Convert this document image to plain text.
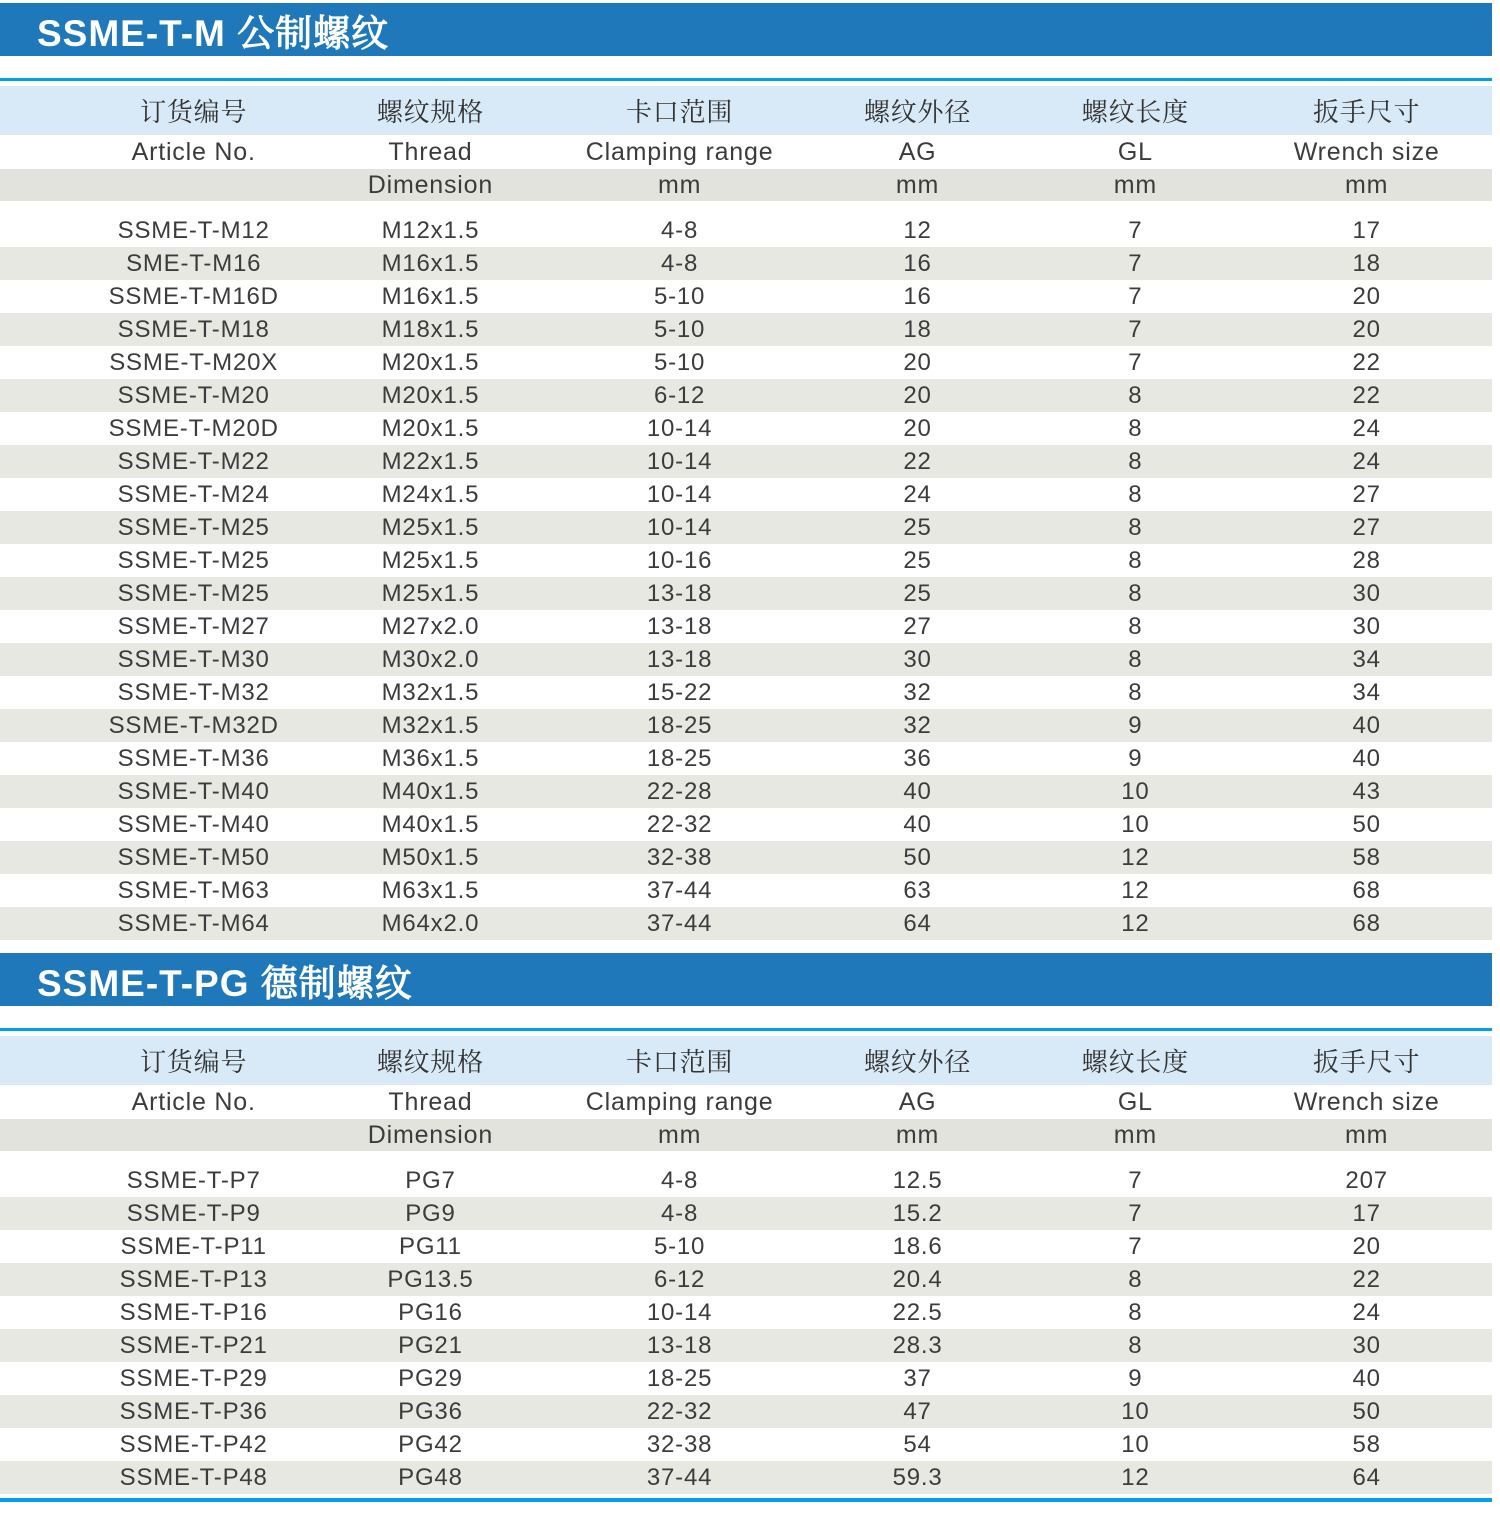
SSME-T-M 公制螺纹
订货编号	螺纹规格	卡口范围	螺纹外径	螺纹长度	扳手尺寸
Article No.	Thread	Clamping range	AG	GL	Wrench size
	Dimension	mm	mm	mm	mm

SSME-T-M12	M12x1.5	4-8	12	7	17
SME-T-M16	M16x1.5	4-8	16	7	18
SSME-T-M16D	M16x1.5	5-10	16	7	20
SSME-T-M18	M18x1.5	5-10	18	7	20
SSME-T-M20X	M20x1.5	5-10	20	7	22
SSME-T-M20	M20x1.5	6-12	20	8	22
SSME-T-M20D	M20x1.5	10-14	20	8	24
SSME-T-M22	M22x1.5	10-14	22	8	24
SSME-T-M24	M24x1.5	10-14	24	8	27
SSME-T-M25	M25x1.5	10-14	25	8	27
SSME-T-M25	M25x1.5	10-16	25	8	28
SSME-T-M25	M25x1.5	13-18	25	8	30
SSME-T-M27	M27x2.0	13-18	27	8	30
SSME-T-M30	M30x2.0	13-18	30	8	34
SSME-T-M32	M32x1.5	15-22	32	8	34
SSME-T-M32D	M32x1.5	18-25	32	9	40
SSME-T-M36	M36x1.5	18-25	36	9	40
SSME-T-M40	M40x1.5	22-28	40	10	43
SSME-T-M40	M40x1.5	22-32	40	10	50
SSME-T-M50	M50x1.5	32-38	50	12	58
SSME-T-M63	M63x1.5	37-44	63	12	68
SSME-T-M64	M64x2.0	37-44	64	12	68
SSME-T-PG 德制螺纹
订货编号	螺纹规格	卡口范围	螺纹外径	螺纹长度	扳手尺寸
Article No.	Thread	Clamping range	AG	GL	Wrench size
	Dimension	mm	mm	mm	mm

SSME-T-P7	PG7	4-8	12.5	7	207
SSME-T-P9	PG9	4-8	15.2	7	17
SSME-T-P11	PG11	5-10	18.6	7	20
SSME-T-P13	PG13.5	6-12	20.4	8	22
SSME-T-P16	PG16	10-14	22.5	8	24
SSME-T-P21	PG21	13-18	28.3	8	30
SSME-T-P29	PG29	18-25	37	9	40
SSME-T-P36	PG36	22-32	47	10	50
SSME-T-P42	PG42	32-38	54	10	58
SSME-T-P48	PG48	37-44	59.3	12	64
